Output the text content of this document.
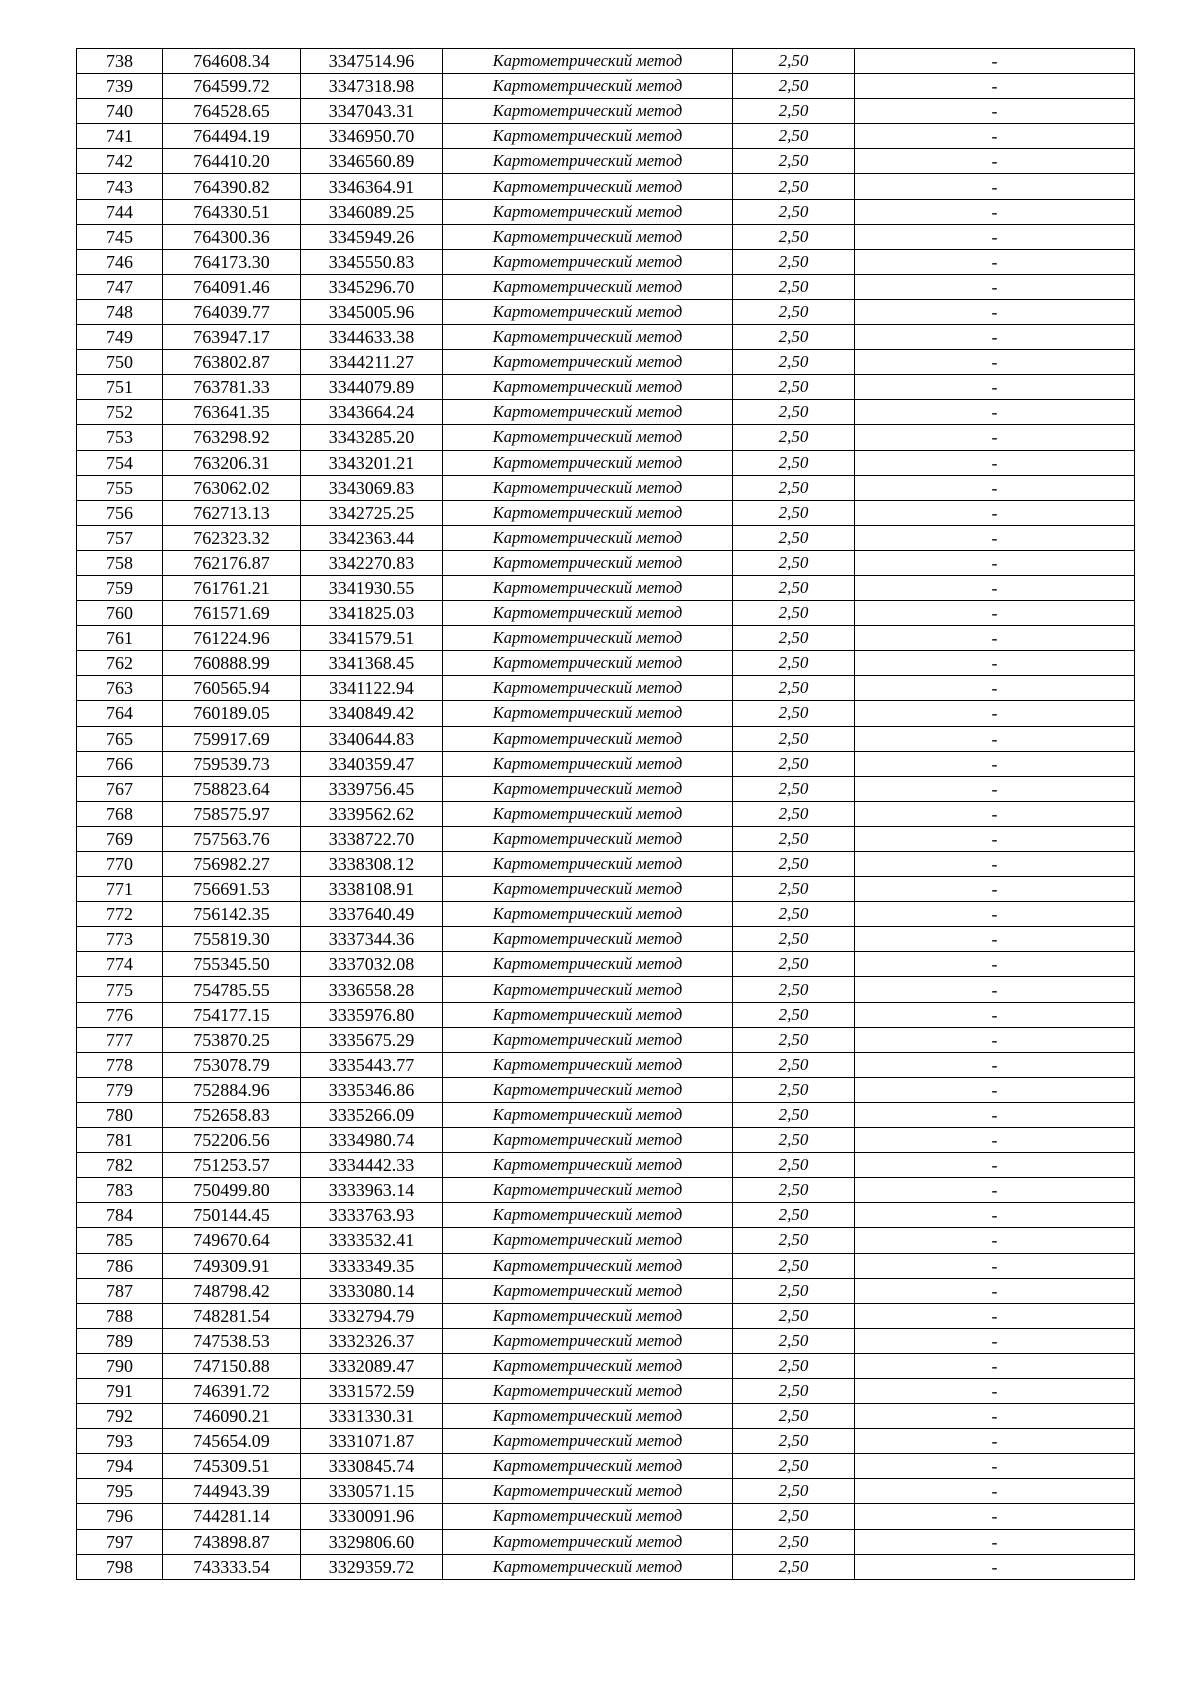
738	764608.34	3347514.96	Картометрический метод	2,50	-
739	764599.72	3347318.98	Картометрический метод	2,50	-
740	764528.65	3347043.31	Картометрический метод	2,50	-
741	764494.19	3346950.70	Картометрический метод	2,50	-
742	764410.20	3346560.89	Картометрический метод	2,50	-
743	764390.82	3346364.91	Картометрический метод	2,50	-
744	764330.51	3346089.25	Картометрический метод	2,50	-
745	764300.36	3345949.26	Картометрический метод	2,50	-
746	764173.30	3345550.83	Картометрический метод	2,50	-
747	764091.46	3345296.70	Картометрический метод	2,50	-
748	764039.77	3345005.96	Картометрический метод	2,50	-
749	763947.17	3344633.38	Картометрический метод	2,50	-
750	763802.87	3344211.27	Картометрический метод	2,50	-
751	763781.33	3344079.89	Картометрический метод	2,50	-
752	763641.35	3343664.24	Картометрический метод	2,50	-
753	763298.92	3343285.20	Картометрический метод	2,50	-
754	763206.31	3343201.21	Картометрический метод	2,50	-
755	763062.02	3343069.83	Картометрический метод	2,50	-
756	762713.13	3342725.25	Картометрический метод	2,50	-
757	762323.32	3342363.44	Картометрический метод	2,50	-
758	762176.87	3342270.83	Картометрический метод	2,50	-
759	761761.21	3341930.55	Картометрический метод	2,50	-
760	761571.69	3341825.03	Картометрический метод	2,50	-
761	761224.96	3341579.51	Картометрический метод	2,50	-
762	760888.99	3341368.45	Картометрический метод	2,50	-
763	760565.94	3341122.94	Картометрический метод	2,50	-
764	760189.05	3340849.42	Картометрический метод	2,50	-
765	759917.69	3340644.83	Картометрический метод	2,50	-
766	759539.73	3340359.47	Картометрический метод	2,50	-
767	758823.64	3339756.45	Картометрический метод	2,50	-
768	758575.97	3339562.62	Картометрический метод	2,50	-
769	757563.76	3338722.70	Картометрический метод	2,50	-
770	756982.27	3338308.12	Картометрический метод	2,50	-
771	756691.53	3338108.91	Картометрический метод	2,50	-
772	756142.35	3337640.49	Картометрический метод	2,50	-
773	755819.30	3337344.36	Картометрический метод	2,50	-
774	755345.50	3337032.08	Картометрический метод	2,50	-
775	754785.55	3336558.28	Картометрический метод	2,50	-
776	754177.15	3335976.80	Картометрический метод	2,50	-
777	753870.25	3335675.29	Картометрический метод	2,50	-
778	753078.79	3335443.77	Картометрический метод	2,50	-
779	752884.96	3335346.86	Картометрический метод	2,50	-
780	752658.83	3335266.09	Картометрический метод	2,50	-
781	752206.56	3334980.74	Картометрический метод	2,50	-
782	751253.57	3334442.33	Картометрический метод	2,50	-
783	750499.80	3333963.14	Картометрический метод	2,50	-
784	750144.45	3333763.93	Картометрический метод	2,50	-
785	749670.64	3333532.41	Картометрический метод	2,50	-
786	749309.91	3333349.35	Картометрический метод	2,50	-
787	748798.42	3333080.14	Картометрический метод	2,50	-
788	748281.54	3332794.79	Картометрический метод	2,50	-
789	747538.53	3332326.37	Картометрический метод	2,50	-
790	747150.88	3332089.47	Картометрический метод	2,50	-
791	746391.72	3331572.59	Картометрический метод	2,50	-
792	746090.21	3331330.31	Картометрический метод	2,50	-
793	745654.09	3331071.87	Картометрический метод	2,50	-
794	745309.51	3330845.74	Картометрический метод	2,50	-
795	744943.39	3330571.15	Картометрический метод	2,50	-
796	744281.14	3330091.96	Картометрический метод	2,50	-
797	743898.87	3329806.60	Картометрический метод	2,50	-
798	743333.54	3329359.72	Картометрический метод	2,50	-
